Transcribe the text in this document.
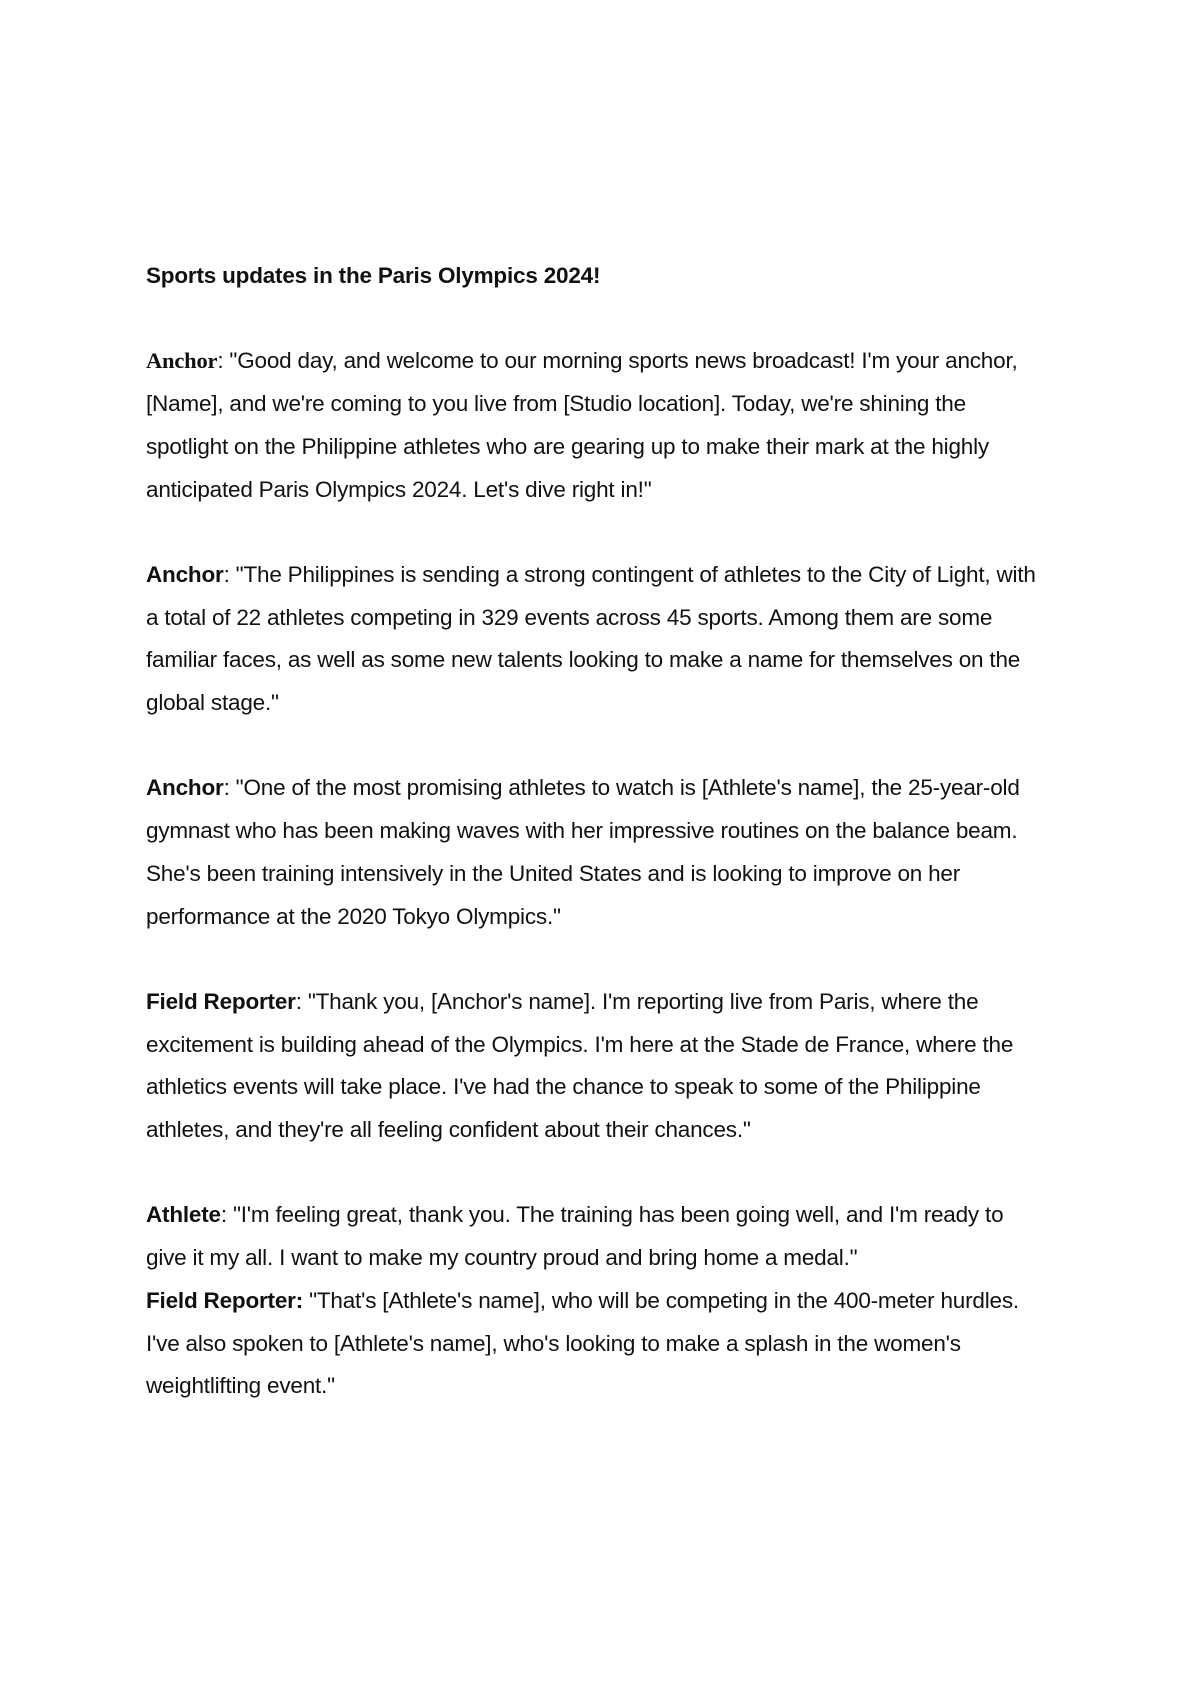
Sports updates in the Paris Olympics 2024!

Anchor: "Good day, and welcome to our morning sports news broadcast! I'm your anchor, [Name], and we're coming to you live from [Studio location]. Today, we're shining the spotlight on the Philippine athletes who are gearing up to make their mark at the highly anticipated Paris Olympics 2024. Let's dive right in!"

Anchor: "The Philippines is sending a strong contingent of athletes to the City of Light, with a total of 22 athletes competing in 329 events across 45 sports. Among them are some familiar faces, as well as some new talents looking to make a name for themselves on the global stage."

Anchor: "One of the most promising athletes to watch is [Athlete's name], the 25-year-old gymnast who has been making waves with her impressive routines on the balance beam. She's been training intensively in the United States and is looking to improve on her performance at the 2020 Tokyo Olympics."

Field Reporter: "Thank you, [Anchor's name]. I'm reporting live from Paris, where the excitement is building ahead of the Olympics. I'm here at the Stade de France, where the athletics events will take place. I've had the chance to speak to some of the Philippine athletes, and they're all feeling confident about their chances."

Athlete: "I'm feeling great, thank you. The training has been going well, and I'm ready to give it my all. I want to make my country proud and bring home a medal."

Field Reporter: "That's [Athlete's name], who will be competing in the 400-meter hurdles. I've also spoken to [Athlete's name], who's looking to make a splash in the women's weightlifting event."
